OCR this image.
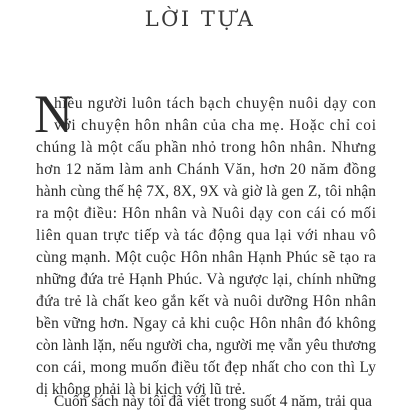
LỜI TỰA
N
hiều người luôn tách bạch chuyện nuôi dạy con
với chuyện hôn nhân của cha mẹ. Hoặc chỉ coi
chúng là một cấu phần nhỏ trong hôn nhân. Nhưng
hơn 12 năm làm anh Chánh Văn, hơn 20 năm đồng
hành cùng thế hệ 7X, 8X, 9X và giờ là gen Z, tôi nhận
ra một điều: Hôn nhân và Nuôi dạy con cái có mối
liên quan trực tiếp và tác động qua lại với nhau vô
cùng mạnh. Một cuộc Hôn nhân Hạnh Phúc sẽ tạo ra
những đứa trẻ Hạnh Phúc. Và ngược lại, chính những
đứa trẻ là chất keo gắn kết và nuôi dưỡng Hôn nhân
bền vững hơn. Ngay cả khi cuộc Hôn nhân đó không
còn lành lặn, nếu người cha, người mẹ vẫn yêu thương
con cái, mong muốn điều tốt đẹp nhất cho con thì Ly
dị không phải là bi kịch với lũ trẻ.
Cuốn sách này tôi đã viết trong suốt 4 năm, trải qua
